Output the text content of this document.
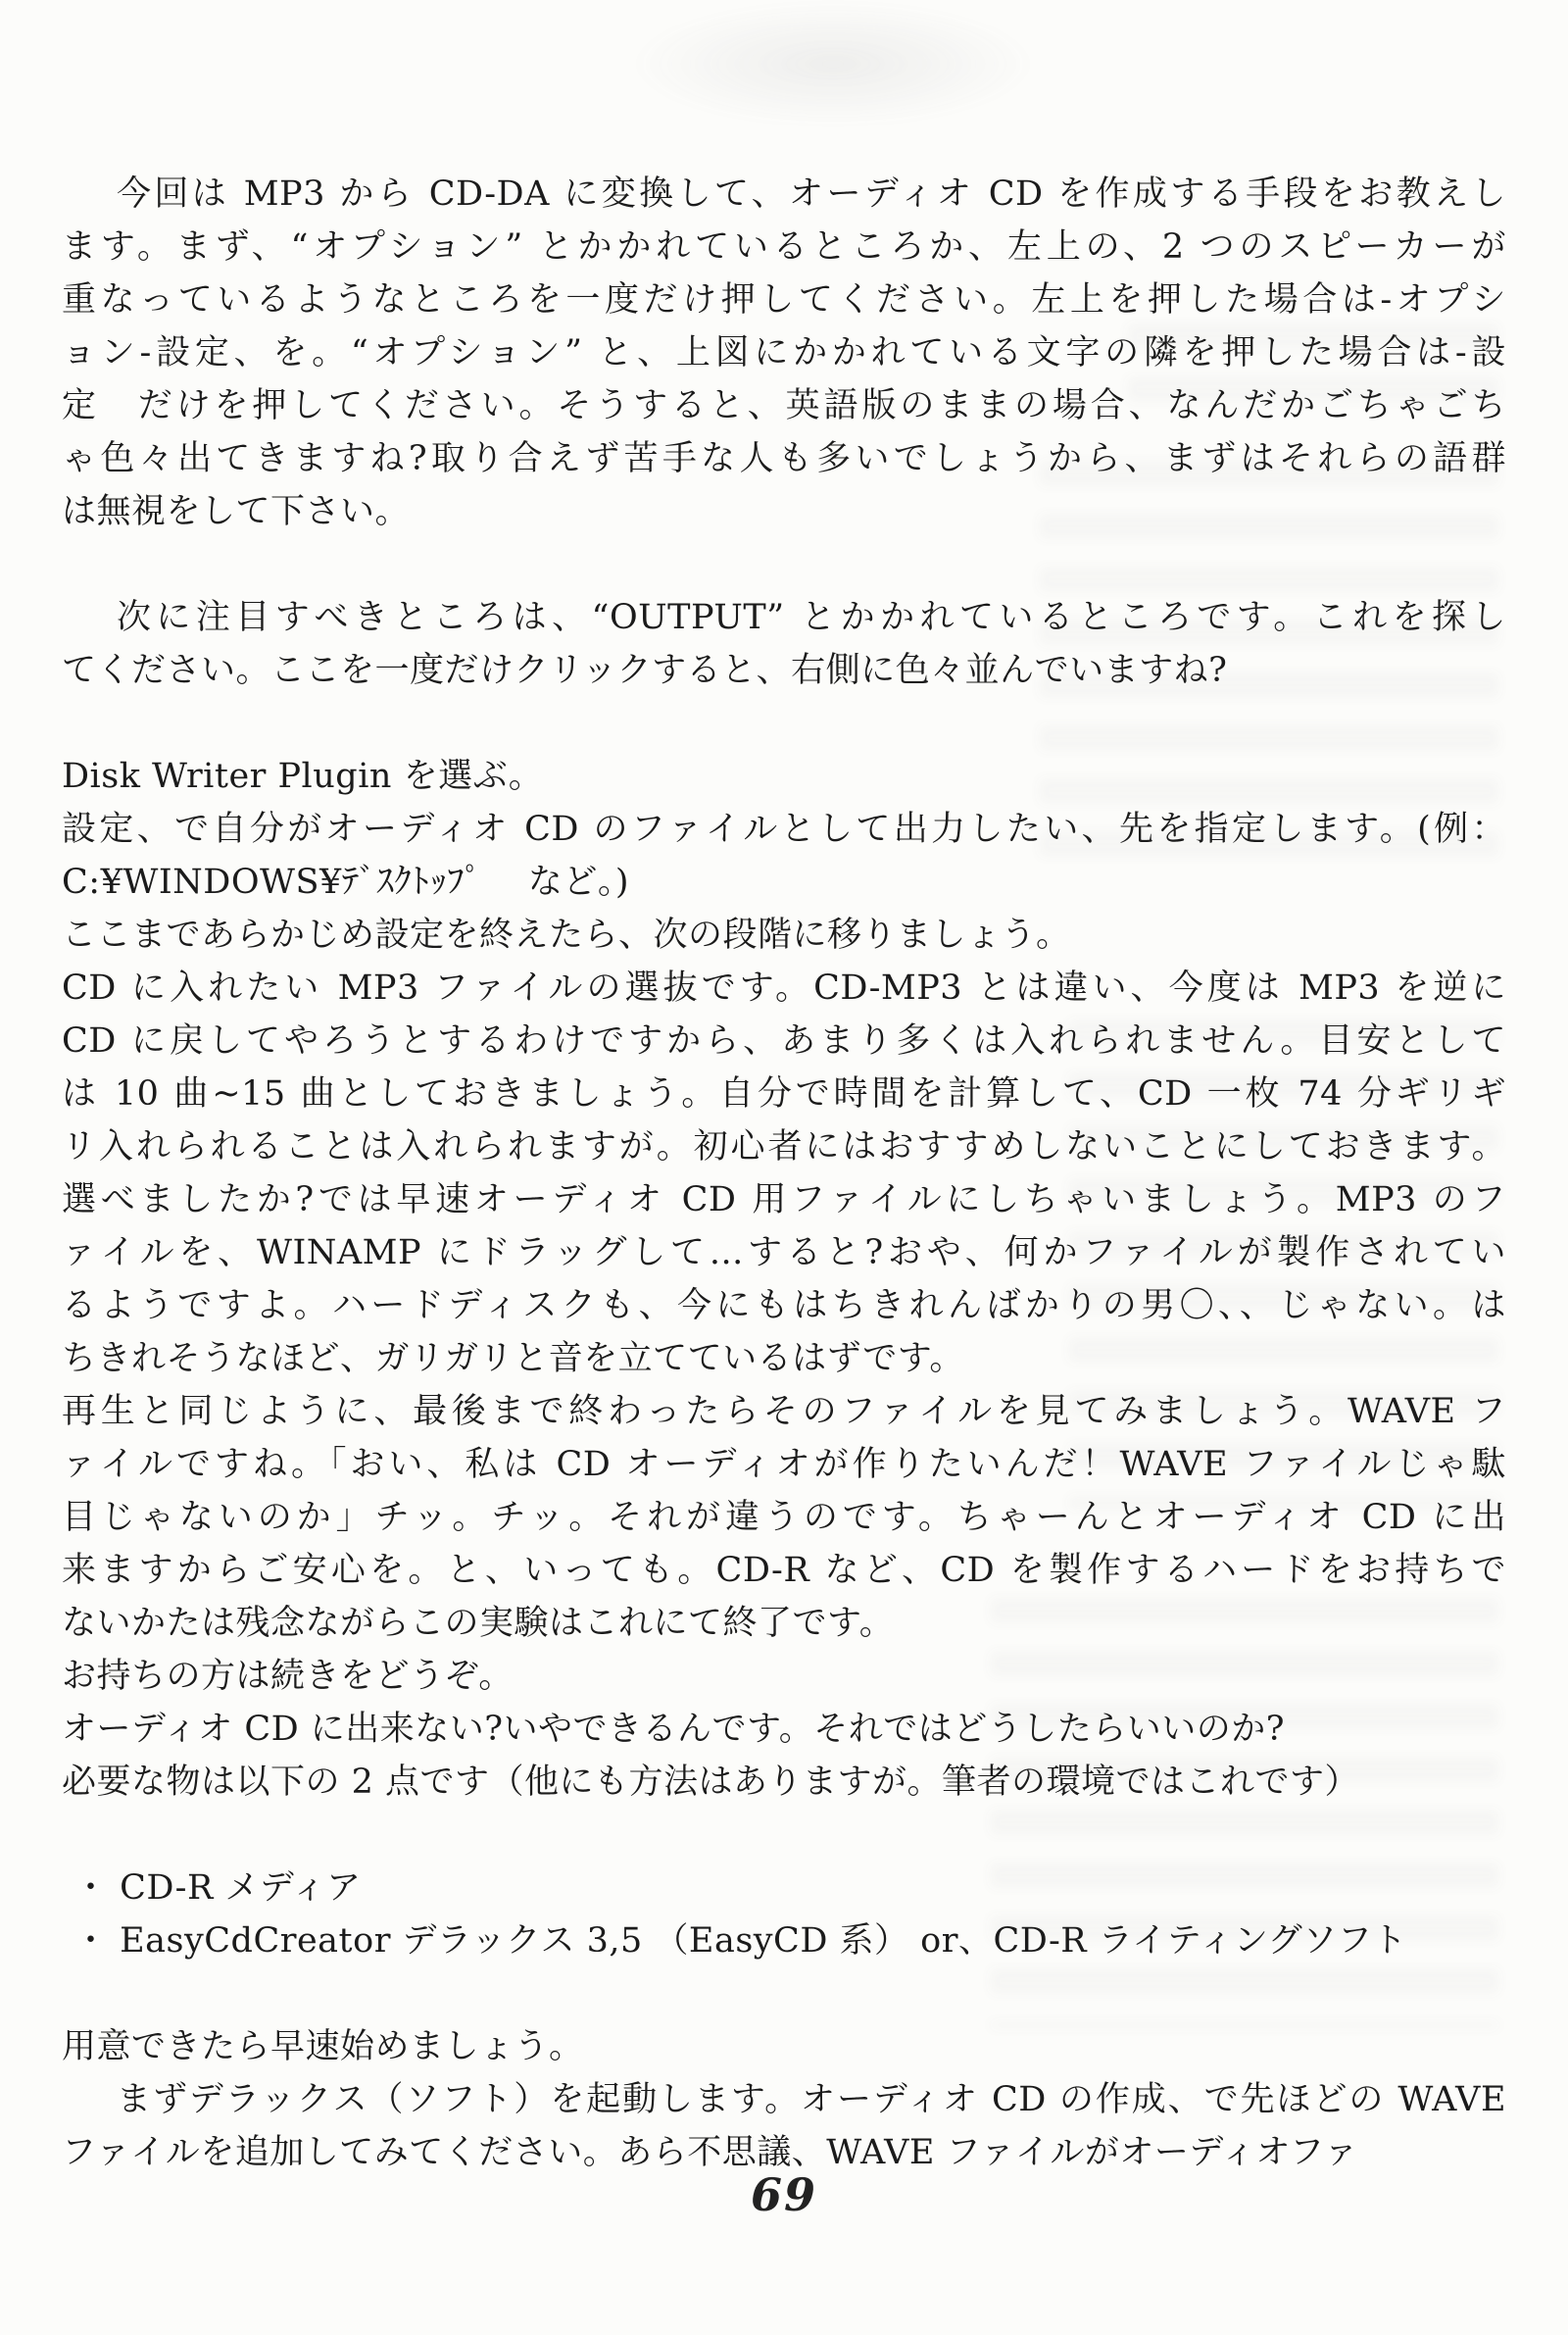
今回は MP3 から CD-DA に変換して、オーディオ CD を作成する手段をお教えし
ます。まず、“オプション” とかかれているところか、左上の、2 つのスピーカーが
重なっているようなところを一度だけ押してください。左上を押した場合は-オプシ
ョン-設定、を。“オプション” と、上図にかかれている文字の隣を押した場合は-設
定　だけを押してください。そうすると、英語版のままの場合、なんだかごちゃごち
ゃ色々出てきますね?取り合えず苦手な人も多いでしょうから、まずはそれらの語群
は無視をして下さい。
次に注目すべきところは、“OUTPUT” とかかれているところです。これを探し
てください。ここを一度だけクリックすると、右側に色々並んでいますね?
Disk Writer Plugin を選ぶ。
設定、で自分がオーディオ CD のファイルとして出力したい、先を指定します。(例：
C:¥WINDOWS¥ﾃﾞｽｸﾄｯﾌﾟ　 など。)
ここまであらかじめ設定を終えたら、次の段階に移りましょう。
CD に入れたい MP3 ファイルの選抜です。CD-MP3 とは違い、今度は MP3 を逆に
CD に戻してやろうとするわけですから、あまり多くは入れられません。目安として
は 10 曲~15 曲としておきましょう。自分で時間を計算して、CD 一枚 74 分ギリギ
リ入れられることは入れられますが。初心者にはおすすめしないことにしておきます。
選べましたか?では早速オーディオ CD 用ファイルにしちゃいましょう。MP3 のフ
ァイルを、WINAMP にドラッグして...すると?おや、何かファイルが製作されてい
るようですよ。ハードディスクも、今にもはちきれんばかりの男〇、、じゃない。は
ちきれそうなほど、ガリガリと音を立てているはずです。
再生と同じように、最後まで終わったらそのファイルを見てみましょう。WAVE フ
ァイルですね。「おい、私は CD オーディオが作りたいんだ！WAVE ファイルじゃ駄
目じゃないのか」チッ。チッ。それが違うのです。ちゃーんとオーディオ CD に出
来ますからご安心を。と、いっても。CD-R など、CD を製作するハードをお持ちで
ないかたは残念ながらこの実験はこれにて終了です。
お持ちの方は続きをどうぞ。
オーディオ CD に出来ない?いやできるんです。それではどうしたらいいのか?
必要な物は以下の 2 点です（他にも方法はありますが。筆者の環境ではこれです）
・ CD-R メディア
・ EasyCdCreator デラックス 3,5 （EasyCD 系） or、CD-R ライティングソフト
用意できたら早速始めましょう。
まずデラックス（ソフト）を起動します。オーディオ CD の作成、で先ほどの WAVE
ファイルを追加してみてください。あら不思議、WAVE ファイルがオーディオファ
69
